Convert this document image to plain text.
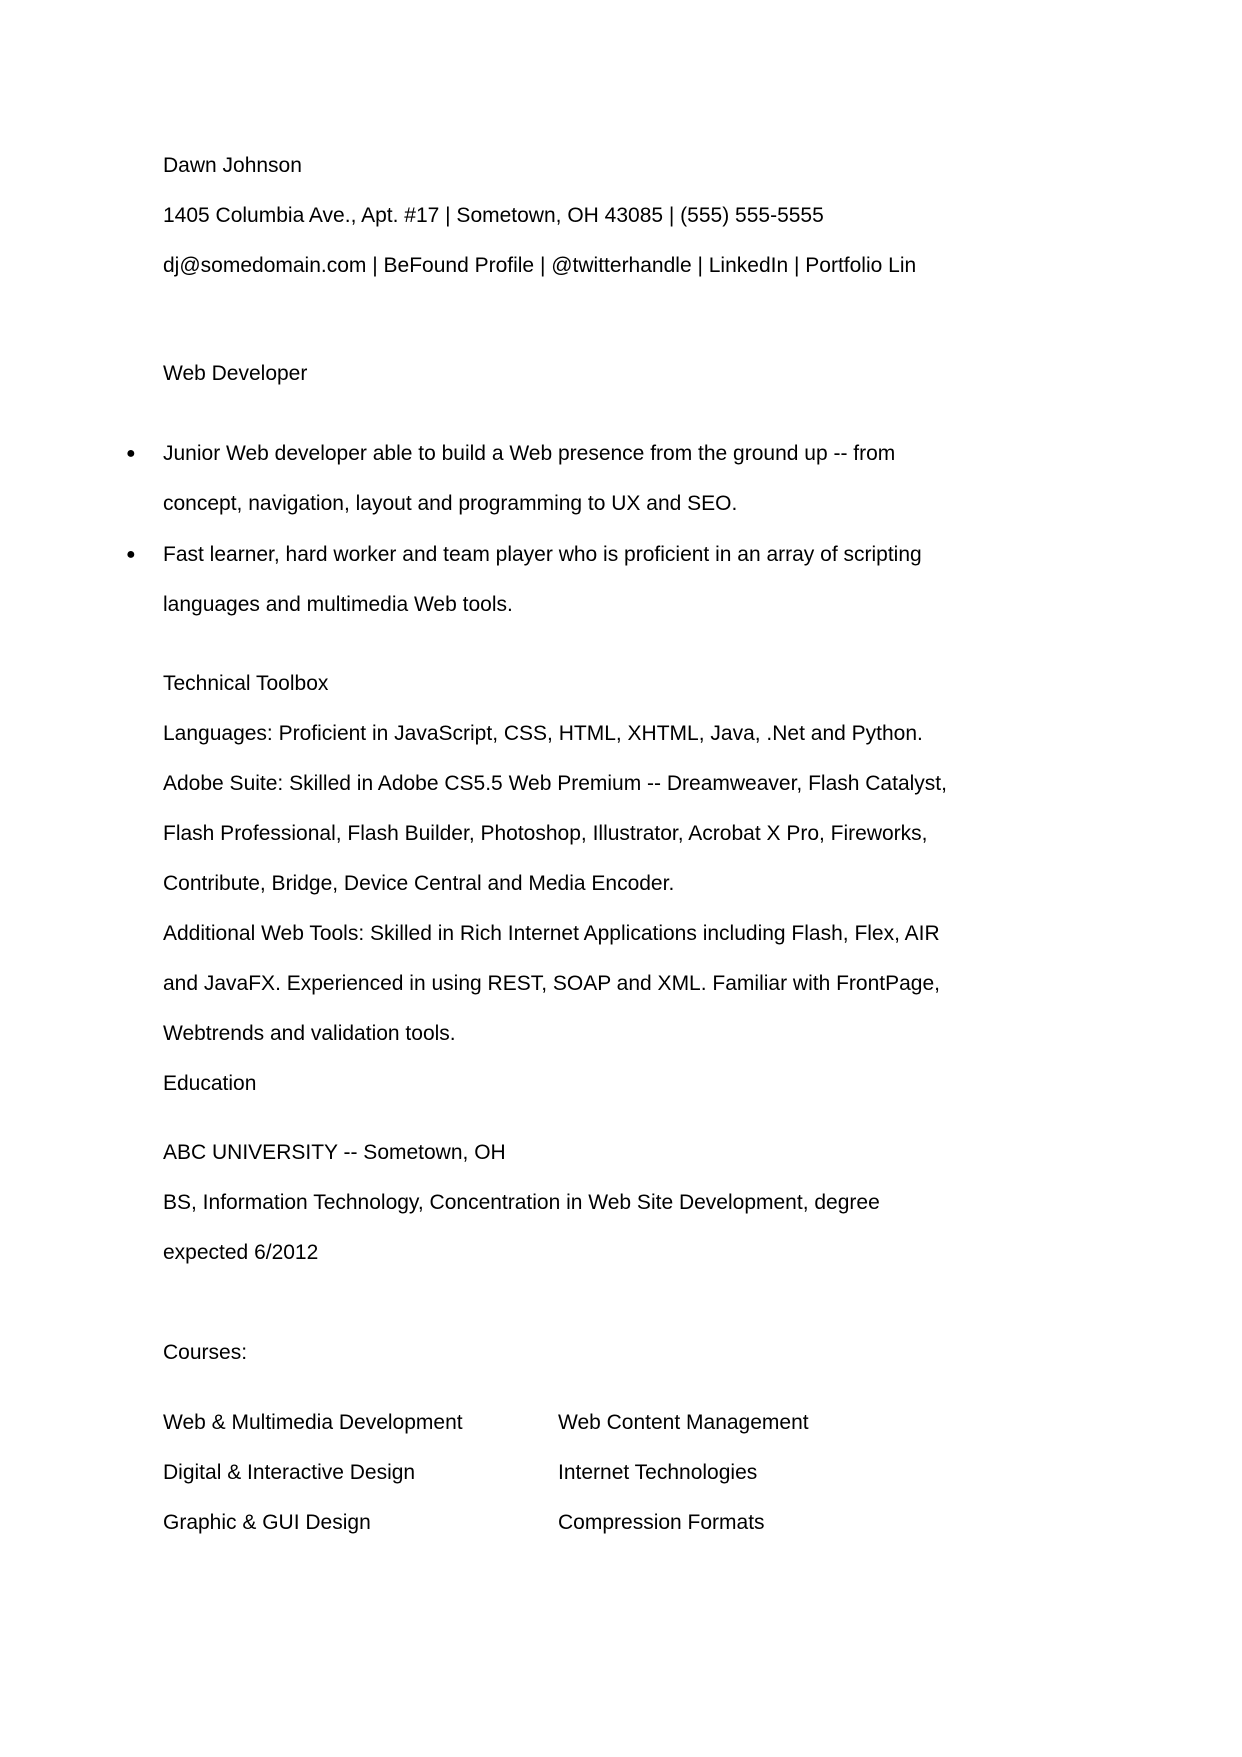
Dawn Johnson
1405 Columbia Ave., Apt. #17 | Sometown, OH 43085 | (555) 555-5555
dj@somedomain.com | BeFound Profile | @twitterhandle | LinkedIn | Portfolio Lin
Web Developer
● Junior Web developer able to build a Web presence from the ground up -- from
concept, navigation, layout and programming to UX and SEO.
● Fast learner, hard worker and team player who is proficient in an array of scripting
languages and multimedia Web tools.
Technical Toolbox
Languages: Proficient in JavaScript, CSS, HTML, XHTML, Java, .Net and Python.
Adobe Suite: Skilled in Adobe CS5.5 Web Premium -- Dreamweaver, Flash Catalyst,
Flash Professional, Flash Builder, Photoshop, Illustrator, Acrobat X Pro, Fireworks,
Contribute, Bridge, Device Central and Media Encoder.
Additional Web Tools: Skilled in Rich Internet Applications including Flash, Flex, AIR
and JavaFX. Experienced in using REST, SOAP and XML. Familiar with FrontPage,
Webtrends and validation tools.
Education
ABC UNIVERSITY -- Sometown, OH
BS, Information Technology, Concentration in Web Site Development, degree
expected 6/2012
Courses:
Web & Multimedia Development	Web Content Management
Digital & Interactive Design	Internet Technologies
Graphic & GUI Design	Compression Formats
